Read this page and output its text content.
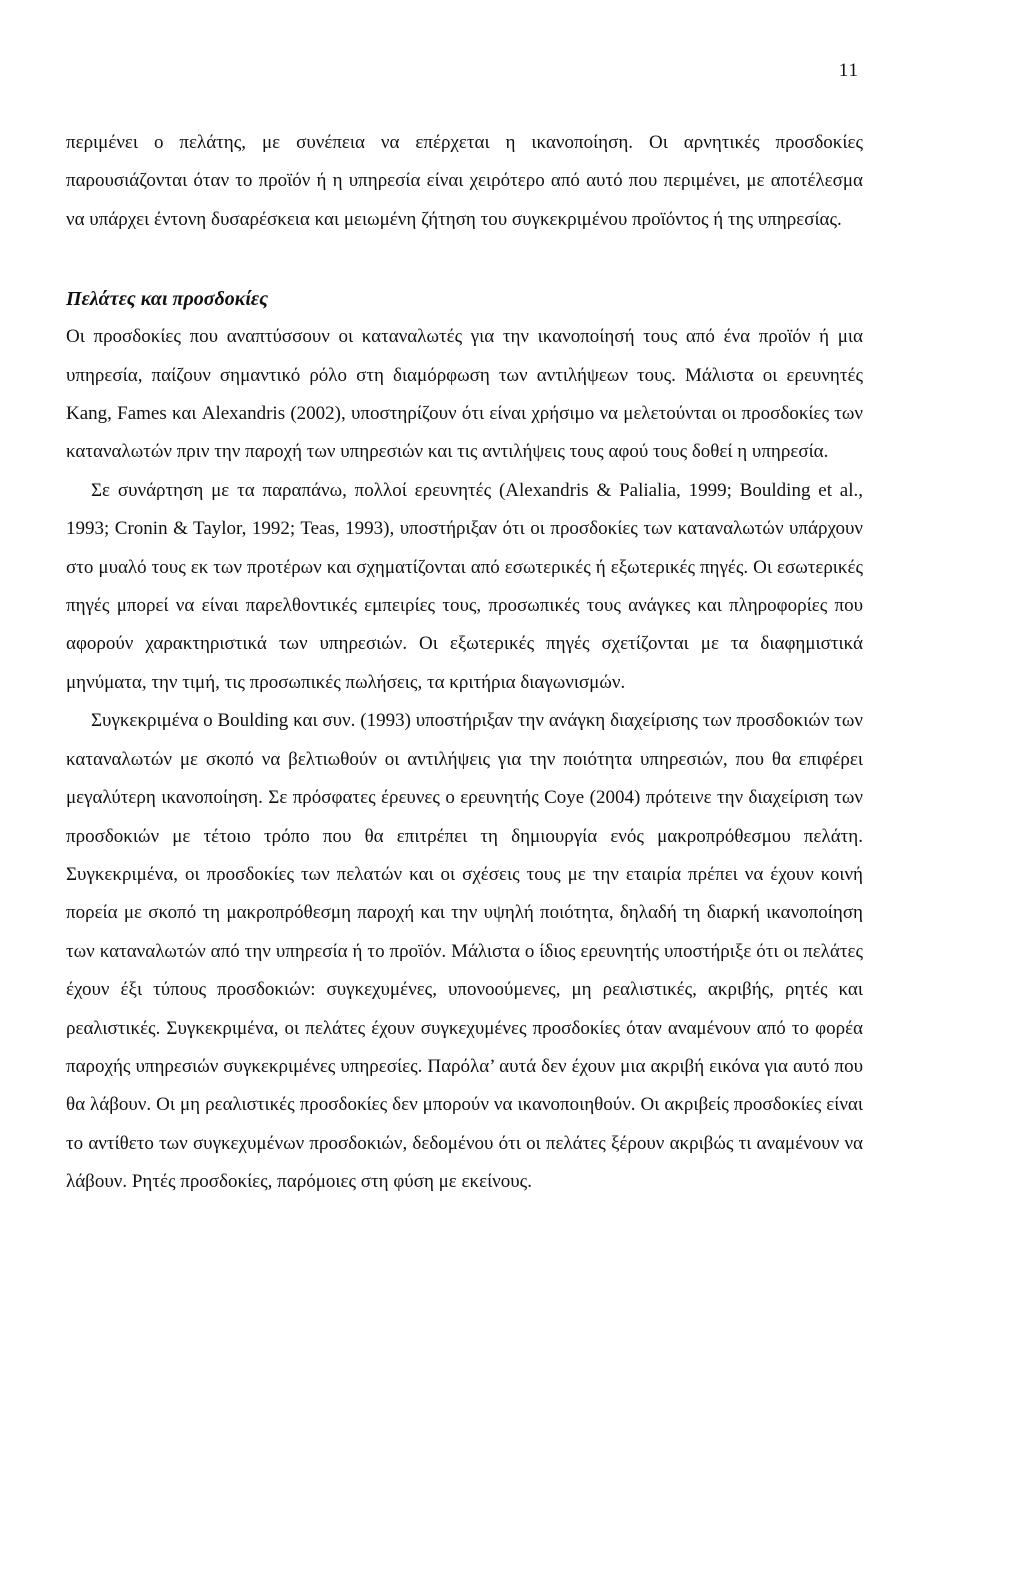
11

περιμένει ο πελάτης, με συνέπεια να επέρχεται η ικανοποίηση. Οι αρνητικές προσδοκίες παρουσιάζονται όταν το προϊόν ή η υπηρεσία είναι χειρότερο από αυτό που περιμένει, με αποτέλεσμα να υπάρχει έντονη δυσαρέσκεια και μειωμένη ζήτηση του συγκεκριμένου προϊόντος ή της υπηρεσίας.

Πελάτες και προσδοκίες

Οι προσδοκίες που αναπτύσσουν οι καταναλωτές για την ικανοποίησή τους από ένα προϊόν ή μια υπηρεσία, παίζουν σημαντικό ρόλο στη διαμόρφωση των αντιλήψεων τους. Μάλιστα οι ερευνητές Kang, Fames και Alexandris (2002), υποστηρίζουν ότι είναι χρήσιμο να μελετούνται οι προσδοκίες των καταναλωτών πριν την παροχή των υπηρεσιών και τις αντιλήψεις τους αφού τους δοθεί η υπηρεσία.

Σε συνάρτηση με τα παραπάνω, πολλοί ερευνητές (Alexandris & Palialia, 1999; Boulding et al., 1993; Cronin & Taylor, 1992; Teas, 1993), υποστήριξαν ότι οι προσδοκίες των καταναλωτών υπάρχουν στο μυαλό τους εκ των προτέρων και σχηματίζονται από εσωτερικές ή εξωτερικές πηγές. Οι εσωτερικές πηγές μπορεί να είναι παρελθοντικές εμπειρίες τους, προσωπικές τους ανάγκες και πληροφορίες που αφορούν χαρακτηριστικά των υπηρεσιών. Οι εξωτερικές πηγές σχετίζονται με τα διαφημιστικά μηνύματα, την τιμή, τις προσωπικές πωλήσεις, τα κριτήρια διαγωνισμών.

Συγκεκριμένα ο Boulding και συν. (1993) υποστήριξαν την ανάγκη διαχείρισης των προσδοκιών των καταναλωτών με σκοπό να βελτιωθούν οι αντιλήψεις για την ποιότητα υπηρεσιών, που θα επιφέρει μεγαλύτερη ικανοποίηση. Σε πρόσφατες έρευνες ο ερευνητής Coye (2004) πρότεινε την διαχείριση των προσδοκιών με τέτοιο τρόπο που θα επιτρέπει τη δημιουργία ενός μακροπρόθεσμου πελάτη. Συγκεκριμένα, οι προσδοκίες των πελατών και οι σχέσεις τους με την εταιρία πρέπει να έχουν κοινή πορεία με σκοπό τη μακροπρόθεσμη παροχή και την υψηλή ποιότητα, δηλαδή τη διαρκή ικανοποίηση των καταναλωτών από την υπηρεσία ή το προϊόν. Μάλιστα ο ίδιος ερευνητής υποστήριξε ότι οι πελάτες έχουν έξι τύπους προσδοκιών: συγκεχυμένες, υπονοούμενες, μη ρεαλιστικές, ακριβής, ρητές και ρεαλιστικές. Συγκεκριμένα, οι πελάτες έχουν συγκεχυμένες προσδοκίες όταν αναμένουν από το φορέα παροχής υπηρεσιών συγκεκριμένες υπηρεσίες. Παρόλα’ αυτά δεν έχουν μια ακριβή εικόνα για αυτό που θα λάβουν. Οι μη ρεαλιστικές προσδοκίες δεν μπορούν να ικανοποιηθούν. Οι ακριβείς προσδοκίες είναι το αντίθετο των συγκεχυμένων προσδοκιών, δεδομένου ότι οι πελάτες ξέρουν ακριβώς τι αναμένουν να λάβουν. Ρητές προσδοκίες, παρόμοιες στη φύση με εκείνους.
